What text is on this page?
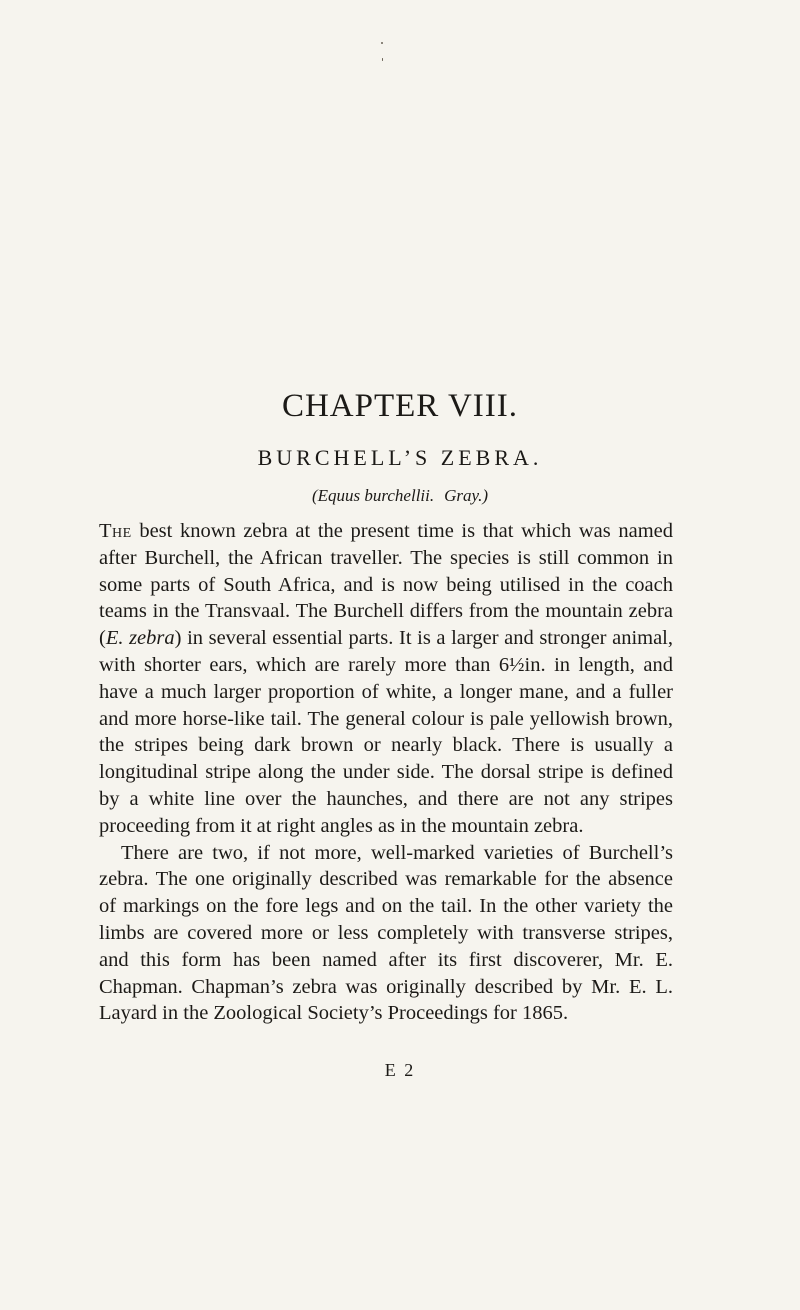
CHAPTER VIII.
BURCHELL’S ZEBRA.
(Equus burchellii. Gray.)

The best known zebra at the present time is that which was named after Burchell, the African traveller. The species is still common in some parts of South Africa, and is now being utilised in the coach teams in the Transvaal. The Burchell differs from the mountain zebra (E. zebra) in several essential parts. It is a larger and stronger animal, with shorter ears, which are rarely more than 6½in. in length, and have a much larger proportion of white, a longer mane, and a fuller and more horse-like tail. The general colour is pale yellowish brown, the stripes being dark brown or nearly black. There is usually a longitudinal stripe along the under side. The dorsal stripe is defined by a white line over the haunches, and there are not any stripes proceeding from it at right angles as in the mountain zebra.

There are two, if not more, well-marked varieties of Burchell’s zebra. The one originally described was remarkable for the absence of markings on the fore legs and on the tail. In the other variety the limbs are covered more or less completely with transverse stripes, and this form has been named after its first discoverer, Mr. E. Chapman. Chapman’s zebra was originally described by Mr. E. L. Layard in the Zoological Society’s Proceedings for 1865.

E 2
